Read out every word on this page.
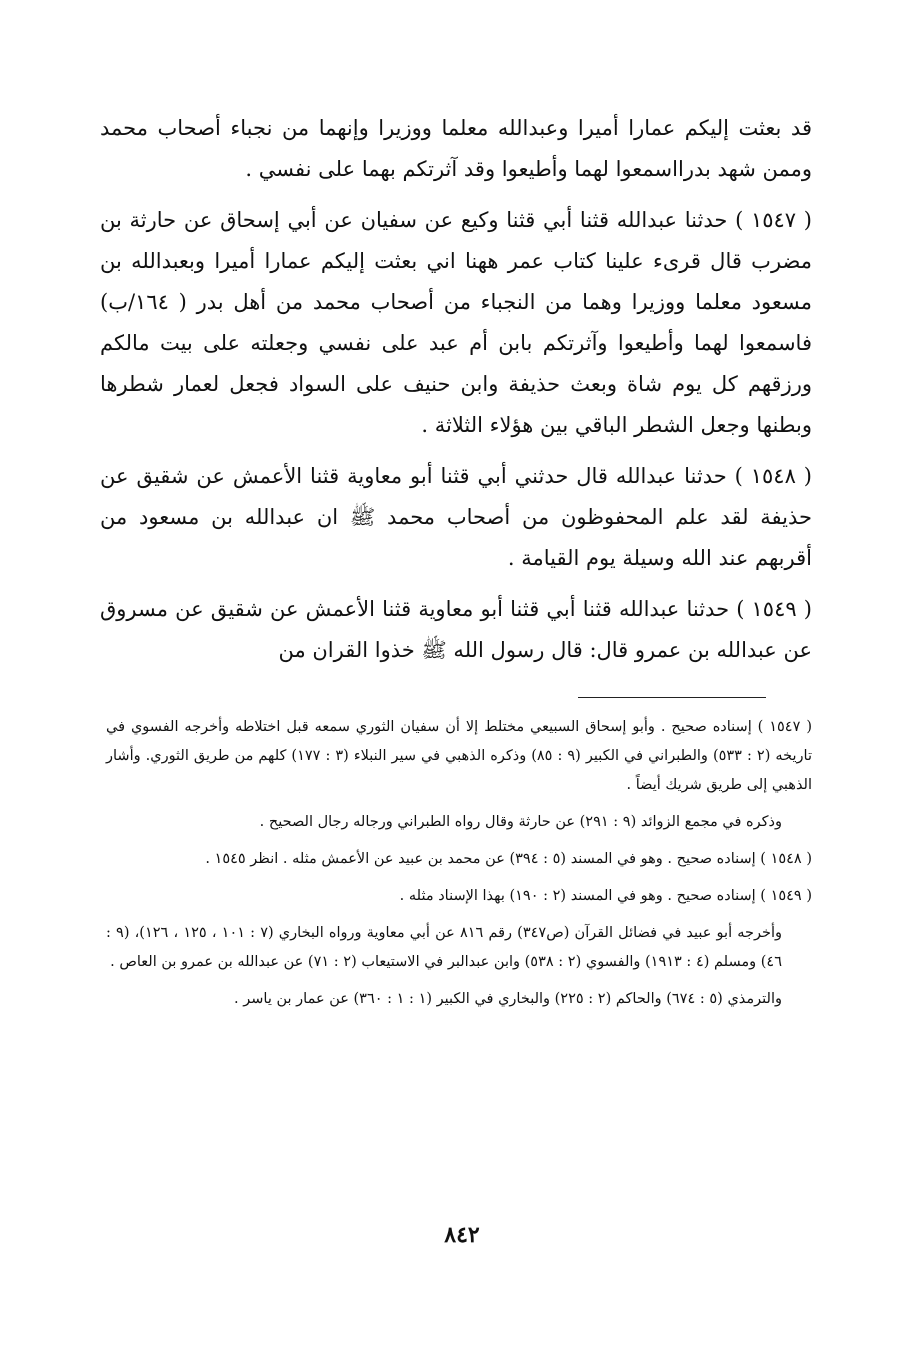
قد بعثت إليكم عمارا أميرا وعبدالله معلما ووزيرا وإنهما من نجباء أصحاب محمد وممن شهد بدرااسمعوا لهما وأطيعوا وقد آثرتكم بهما على نفسي .

( ١٥٤٧ ) حدثنا عبدالله قثنا أبي قثنا وكيع عن سفيان عن أبي إسحاق عن حارثة بن مضرب قال قرىء علينا كتاب عمر ههنا اني بعثت إليكم عمارا أميرا وبعبدالله بن مسعود معلما ووزيرا وهما من النجباء من أصحاب محمد من أهل بدر ( ١٦٤/ب) فاسمعوا لهما وأطيعوا وآثرتكم بابن أم عبد على نفسي وجعلته على بيت مالكم ورزقهم كل يوم شاة وبعث حذيفة وابن حنيف على السواد فجعل لعمار شطرها وبطنها وجعل الشطر الباقي بين هؤلاء الثلاثة .

( ١٥٤٨ ) حدثنا عبدالله قال حدثني أبي قثنا أبو معاوية قثنا الأعمش عن شقيق عن حذيفة لقد علم المحفوظون من أصحاب محمد ﷺ ان عبدالله بن مسعود من أقربهم عند الله وسيلة يوم القيامة .

( ١٥٤٩ ) حدثنا عبدالله قثنا أبي قثنا أبو معاوية قثنا الأعمش عن شقيق عن مسروق عن عبدالله بن عمرو قال: قال رسول الله ﷺ خذوا القران من

( ١٥٤٧ ) إسناده صحيح . وأبو إسحاق السبيعي مختلط إلا أن سفيان الثوري سمعه قبل اختلاطه وأخرجه الفسوي في تاريخه (٢ : ٥٣٣) والطبراني في الكبير (٩ : ٨٥) وذكره الذهبي في سير النبلاء (٣ : ١٧٧) كلهم من طريق الثوري. وأشار الذهبي إلى طريق شريك أيضاً .

وذكره في مجمع الزوائد (٩ : ٢٩١) عن حارثة وقال رواه الطبراني ورجاله رجال الصحيح .

( ١٥٤٨ ) إسناده صحيح . وهو في المسند (٥ : ٣٩٤) عن محمد بن عبيد عن الأعمش مثله . انظر ١٥٤٥ .

( ١٥٤٩ ) إسناده صحيح . وهو في المسند (٢ : ١٩٠) بهذا الإسناد مثله .

وأخرجه أبو عبيد في فضائل القرآن (ص٣٤٧) رقم ٨١٦ عن أبي معاوية ورواه البخاري (٧ : ١٠١ ، ١٢٥ ، ١٢٦)، (٩ : ٤٦) ومسلم (٤ : ١٩١٣) والفسوي (٢ : ٥٣٨) وابن عبدالبر في الاستيعاب (٢ : ٧١) عن عبدالله بن عمرو بن العاص .

والترمذي (٥ : ٦٧٤) والحاكم (٢ : ٢٢٥) والبخاري في الكبير (١ : ١ : ٣٦٠) عن عمار بن ياسر .

٨٤٢
